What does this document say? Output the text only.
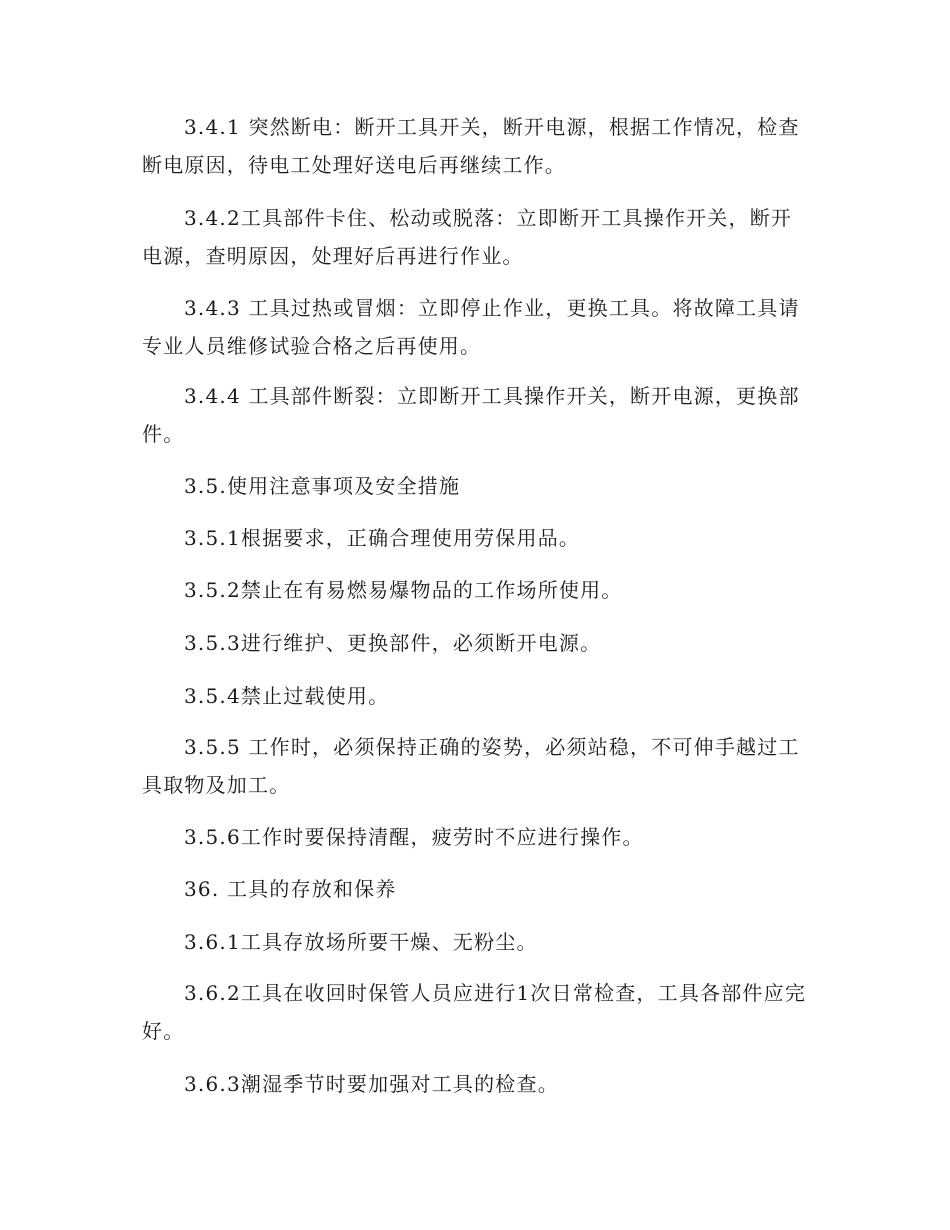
3.4.1 突然断电：断开工具开关，断开电源，根据工作情况，检查断电原因，待电工处理好送电后再继续工作。

3.4.2工具部件卡住、松动或脱落：立即断开工具操作开关，断开电源，查明原因，处理好后再进行作业。

3.4.3 工具过热或冒烟：立即停止作业，更换工具。将故障工具请专业人员维修试验合格之后再使用。

3.4.4 工具部件断裂：立即断开工具操作开关，断开电源，更换部件。

3.5.使用注意事项及安全措施

3.5.1根据要求，正确合理使用劳保用品。

3.5.2禁止在有易燃易爆物品的工作场所使用。

3.5.3进行维护、更换部件，必须断开电源。

3.5.4禁止过载使用。

3.5.5 工作时，必须保持正确的姿势，必须站稳，不可伸手越过工具取物及加工。

3.5.6工作时要保持清醒，疲劳时不应进行操作。

36. 工具的存放和保养

3.6.1工具存放场所要干燥、无粉尘。

3.6.2工具在收回时保管人员应进行1次日常检查，工具各部件应完好。

3.6.3潮湿季节时要加强对工具的检查。
